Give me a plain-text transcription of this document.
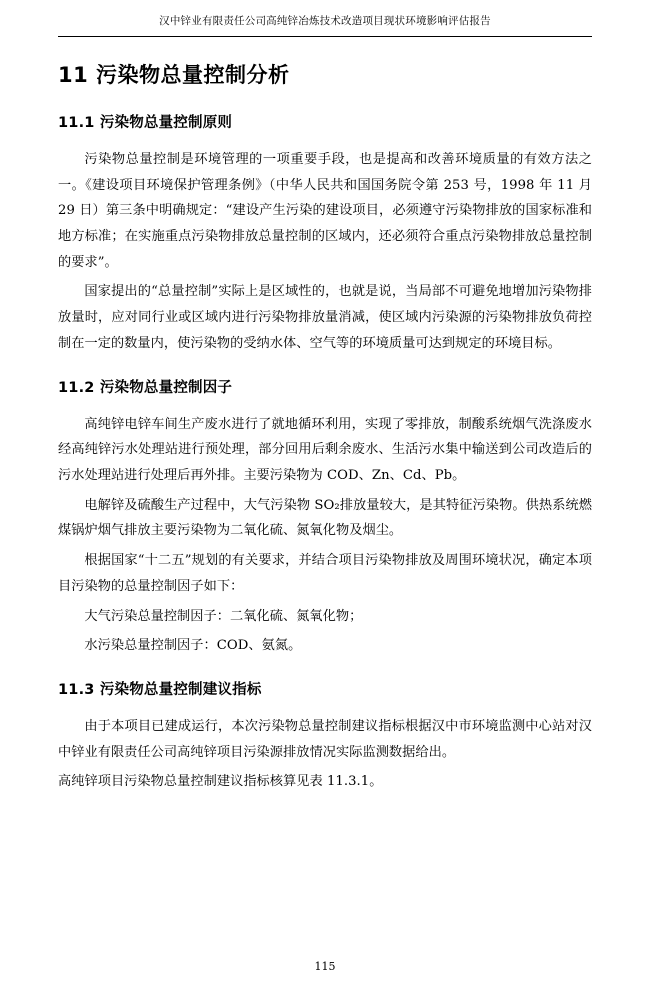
汉中锌业有限责任公司高纯锌冶炼技术改造项目现状环境影响评估报告
11 污染物总量控制分析
11.1 污染物总量控制原则

污染物总量控制是环境管理的一项重要手段，也是提高和改善环境质量的有效方法之一。《建设项目环境保护管理条例》（中华人民共和国国务院令第 253 号，1998 年 11 月 29 日）第三条中明确规定：“建设产生污染的建设项目，必须遵守污染物排放的国家标准和地方标准；在实施重点污染物排放总量控制的区域内，还必须符合重点污染物排放总量控制的要求”。

国家提出的“总量控制”实际上是区域性的，也就是说，当局部不可避免地增加污染物排放量时，应对同行业或区域内进行污染物排放量消减，使区域内污染源的污染物排放负荷控制在一定的数量内，使污染物的受纳水体、空气等的环境质量可达到规定的环境目标。

11.2 污染物总量控制因子

高纯锌电锌车间生产废水进行了就地循环利用，实现了零排放，制酸系统烟气洗涤废水经高纯锌污水处理站进行预处理，部分回用后剩余废水、生活污水集中输送到公司改造后的污水处理站进行处理后再外排。主要污染物为 COD、Zn、Cd、Pb。

电解锌及硫酸生产过程中，大气污染物 SO₂排放量较大，是其特征污染物。供热系统燃煤锅炉烟气排放主要污染物为二氧化硫、氮氧化物及烟尘。

根据国家“十二五”规划的有关要求，并结合项目污染物排放及周围环境状况，确定本项目污染物的总量控制因子如下：

大气污染总量控制因子：二氧化硫、氮氧化物；

水污染总量控制因子：COD、氨氮。

11.3 污染物总量控制建议指标

由于本项目已建成运行，本次污染物总量控制建议指标根据汉中市环境监测中心站对汉中锌业有限责任公司高纯锌项目污染源排放情况实际监测数据给出。

高纯锌项目污染物总量控制建议指标核算见表 11.3.1。

115
